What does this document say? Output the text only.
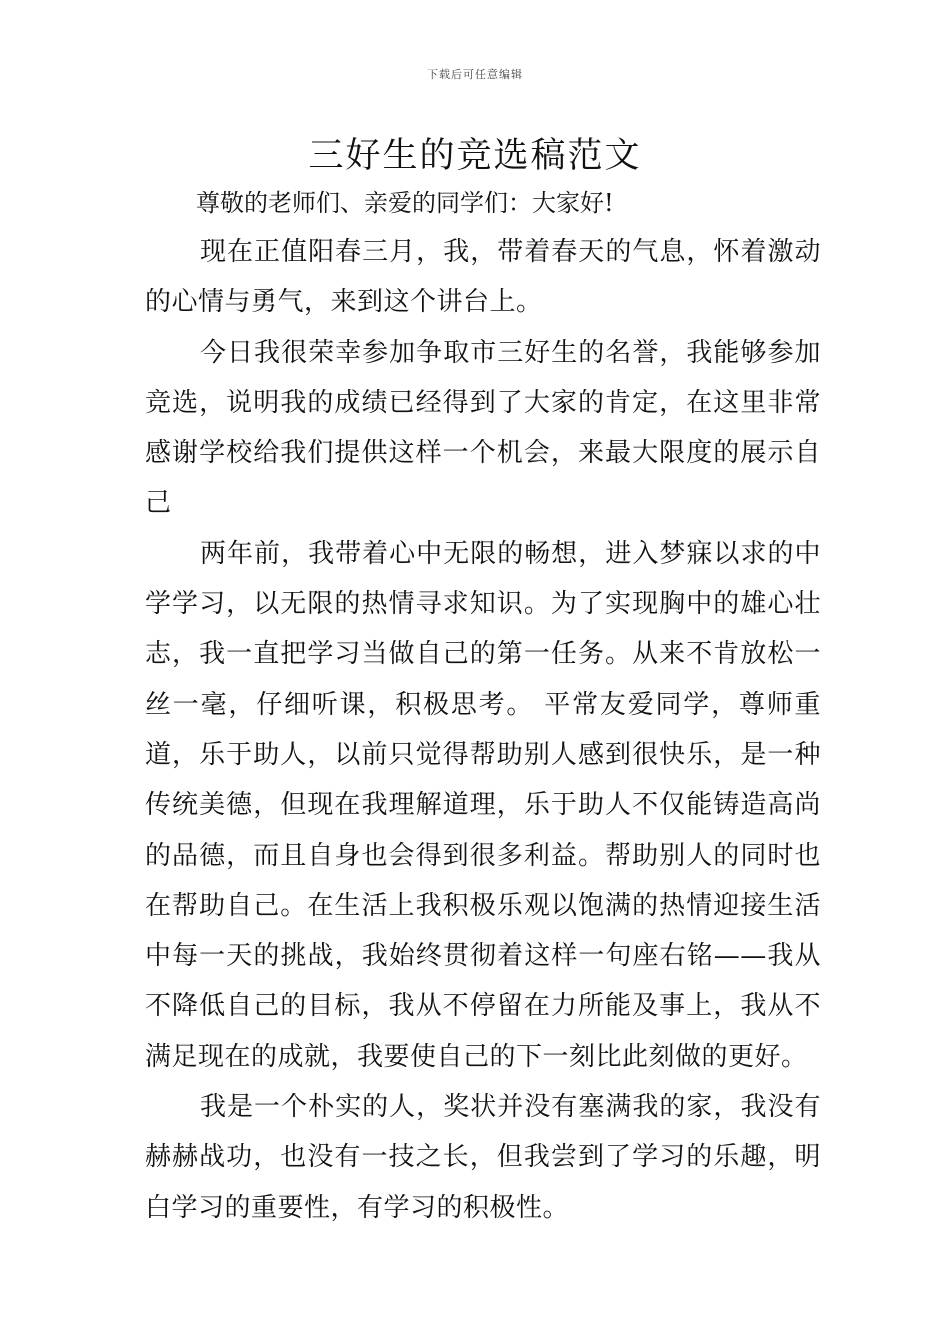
下载后可任意编辑
三好生的竞选稿范文

尊敬的老师们、亲爱的同学们：大家好!

现在正值阳春三月，我，带着春天的气息，怀着激动的心情与勇气，来到这个讲台上。

今日我很荣幸参加争取市三好生的名誉，我能够参加竞选，说明我的成绩已经得到了大家的肯定，在这里非常感谢学校给我们提供这样一个机会，来最大限度的展示自己

两年前，我带着心中无限的畅想，进入梦寐以求的中学学习，以无限的热情寻求知识。为了实现胸中的雄心壮志，我一直把学习当做自己的第一任务。从来不肯放松一丝一毫，仔细听课，积极思考。 平常友爱同学，尊师重道，乐于助人，以前只觉得帮助别人感到很快乐，是一种传统美德，但现在我理解道理，乐于助人不仅能铸造高尚的品德，而且自身也会得到很多利益。帮助别人的同时也在帮助自己。在生活上我积极乐观以饱满的热情迎接生活中每一天的挑战，我始终贯彻着这样一句座右铭——我从不降低自己的目标，我从不停留在力所能及事上，我从不满足现在的成就，我要使自己的下一刻比此刻做的更好。

我是一个朴实的人，奖状并没有塞满我的家，我没有赫赫战功，也没有一技之长，但我尝到了学习的乐趣，明白学习的重要性，有学习的积极性。
